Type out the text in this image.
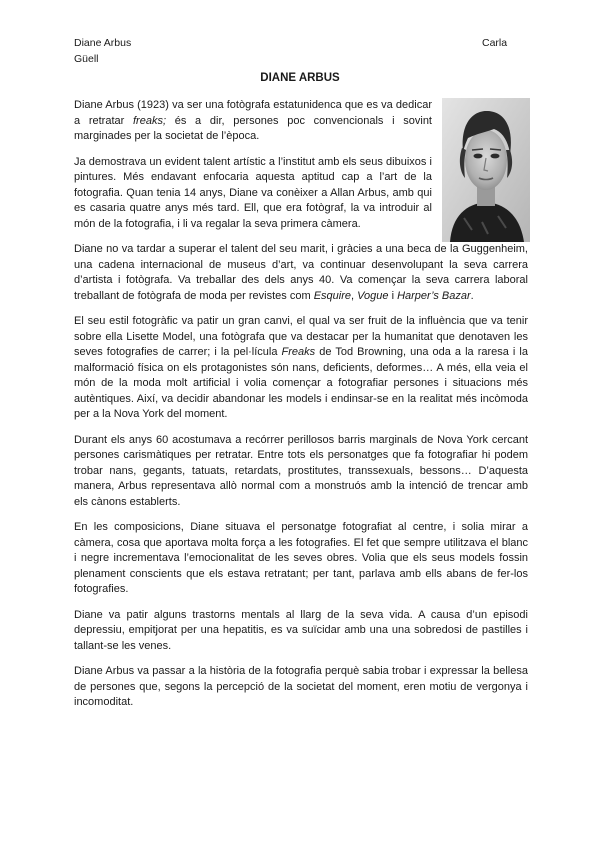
Diane Arbus	Carla
Güell
DIANE ARBUS

Diane Arbus (1923) va ser una fotògrafa estatunidenca que es va dedicar a retratar freaks; és a dir, persones poc convencionals i sovint marginades per la societat de l’època.

Ja demostrava un evident talent artístic a l’institut amb els seus dibuixos i pintures. Més endavant enfocaria aquesta aptitud cap a l’art de la fotografia. Quan tenia 14 anys, Diane va conèixer a Allan Arbus, amb qui es casaria quatre anys més tard. Ell, que era fotògraf, la va introduir al món de la fotografia, i li va regalar la seva primera càmera.

Diane no va tardar a superar el talent del seu marit, i gràcies a una beca de la Guggenheim, una cadena internacional de museus d’art, va continuar desenvolupant la seva carrera d’artista i fotògrafa. Va treballar des dels anys 40. Va començar la seva carrera laboral treballant de fotògrafa de moda per revistes com Esquire, Vogue i Harper’s Bazar.

El seu estil fotogràfic va patir un gran canvi, el qual va ser fruit de la influència que va tenir sobre ella Lisette Model, una fotògrafa que va destacar per la humanitat que denotaven les seves fotografies de carrer; i la pel·lícula Freaks de Tod Browning, una oda a la raresa i la malformació física on els protagonistes són nans, deficients, deformes… A més, ella veia el món de la moda molt artificial i volia començar a fotografiar persones i situacions més autèntiques. Així, va decidir abandonar les models i endinsar-se en la realitat més incòmoda per a la Nova York del moment.

Durant els anys 60 acostumava a recórrer perillosos barris marginals de Nova York cercant persones carismàtiques per retratar. Entre tots els personatges que fa fotografiar hi podem trobar nans, gegants, tatuats, retardats, prostitutes, transsexuals, bessons… D’aquesta manera, Arbus representava allò normal com a monstruós amb la intenció de trencar amb els cànons establerts.

En les composicions, Diane situava el personatge fotografiat al centre, i solia mirar a càmera, cosa que aportava molta força a les fotografies. El fet que sempre utilitzava el blanc i negre incrementava l’emocionalitat de les seves obres. Volia que els seus models fossin plenament conscients que els estava retratant; per tant, parlava amb ells abans de fer-los fotografies.

Diane va patir alguns trastorns mentals al llarg de la seva vida. A causa d’un episodi depressiu, empitjorat per una hepatitis, es va suïcidar amb una una sobredosi de pastilles i tallant-se les venes.

Diane Arbus va passar a la història de la fotografia perquè sabia trobar i expressar la bellesa de persones que, segons la percepció de la societat del moment, eren motiu de vergonya i incomoditat.
